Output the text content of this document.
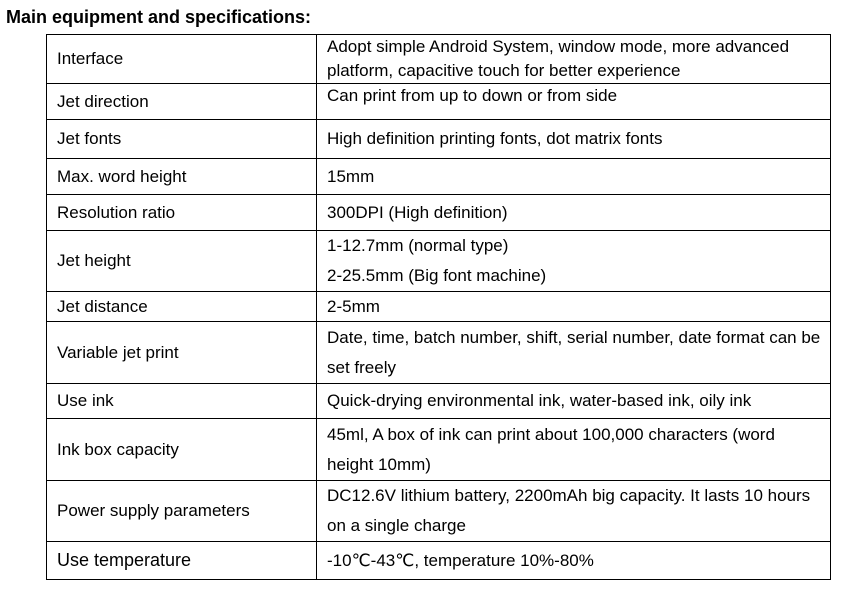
Main equipment and specifications:
Interface	Adopt simple Android System, window mode, more advanced platform, capacitive touch for better experience

Jet direction	Can print from up to down or from side

Jet fonts	High definition printing fonts, dot matrix fonts

Max. word height	15mm

Resolution ratio	300DPI (High definition)

Jet height	1-12.7mm (normal type)
2-25.5mm (Big font machine)

Jet distance	2-5mm

Variable jet print	Date, time, batch number, shift, serial number, date format can be set freely

Use ink	Quick-drying environmental ink, water-based ink, oily ink

Ink box capacity	45ml, A box of ink can print about 100,000 characters (word height 10mm)

Power supply parameters	DC12.6V lithium battery, 2200mAh big capacity. It lasts 10 hours on a single charge

Use temperature	-10℃-43℃, temperature 10%-80%
